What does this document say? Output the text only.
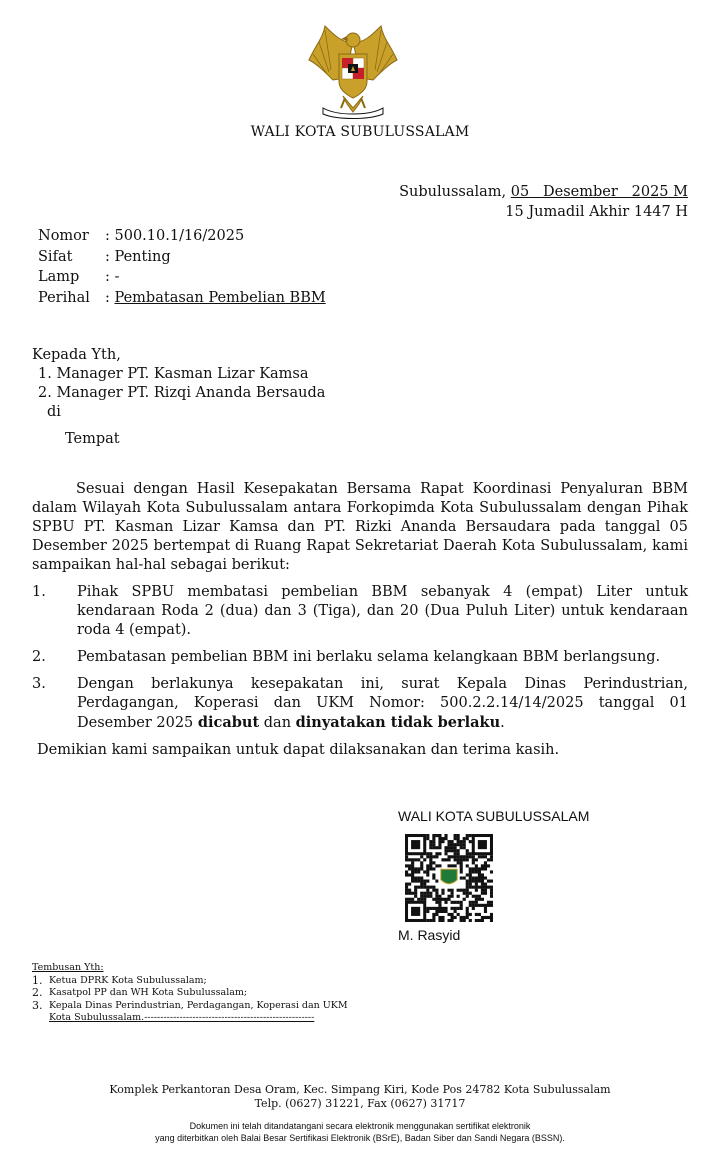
WALI KOTA SUBULUSSALAM
Subulussalam, 05   Desember   2025 M
15 Jumadil Akhir 1447 H
Nomor	: 500.10.1/16/2025
Sifat	: Penting
Lamp	: -
Perihal	: Pembatasan Pembelian BBM
Kepada Yth,
1. Manager PT. Kasman Lizar Kamsa
2. Manager PT. Rizqi Ananda Bersauda
di
Tempat

Sesuai dengan Hasil Kesepakatan Bersama Rapat Koordinasi Penyaluran BBM dalam Wilayah Kota Subulussalam antara Forkopimda Kota Subulussalam dengan Pihak SPBU PT. Kasman Lizar Kamsa dan PT. Rizki Ananda Bersaudara pada tanggal 05 Desember 2025 bertempat di Ruang Rapat Sekretariat Daerah Kota Subulussalam, kami sampaikan hal-hal sebagai berikut:

1.	Pihak SPBU membatasi pembelian BBM sebanyak 4 (empat) Liter untuk kendaraan Roda 2 (dua) dan 3 (Tiga), dan 20 (Dua Puluh Liter) untuk kendaraan roda 4 (empat).
2.	Pembatasan pembelian BBM ini berlaku selama kelangkaan BBM berlangsung.
3.	Dengan berlakunya kesepakatan ini, surat Kepala Dinas Perindustrian, Perdagangan, Koperasi dan UKM Nomor: 500.2.2.14/14/2025 tanggal 01 Desember 2025 dicabut dan dinyatakan tidak berlaku.
Demikian kami sampaikan untuk dapat dilaksanakan dan terima kasih.
WALI KOTA SUBULUSSALAM
M. Rasyid
Tembusan Yth:
1. Ketua DPRK Kota Subulussalam;
2. Kasatpol PP dan WH Kota Subulussalam;
3. Kepala Dinas Perindustrian, Perdagangan, Koperasi dan UKM
Kota Subulussalam.-----------------------------------------------------
Komplek Perkantoran Desa Oram, Kec. Simpang Kiri, Kode Pos 24782 Kota Subulussalam
Telp. (0627) 31221, Fax (0627) 31717
Dokumen ini telah ditandatangani secara elektronik menggunakan sertifikat elektronik
yang diterbitkan oleh Balai Besar Sertifikasi Elektronik (BSrE), Badan Siber dan Sandi Negara (BSSN).
